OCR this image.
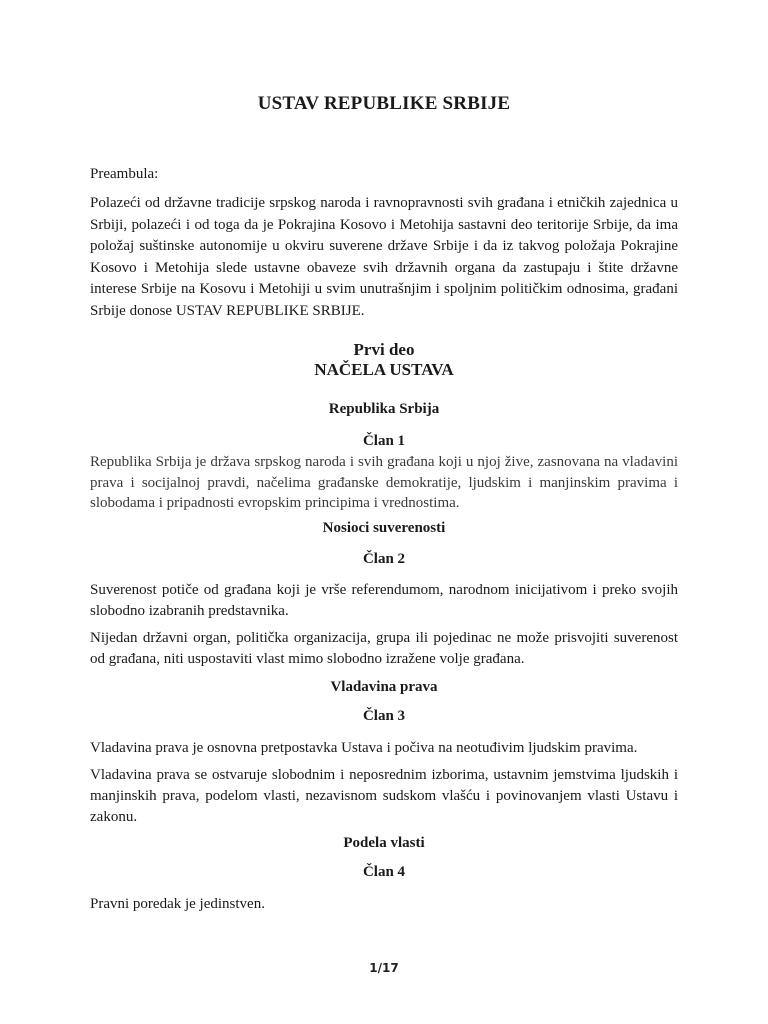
USTAV REPUBLIKE SRBIJE

Preambula:

Polazeći od državne tradicije srpskog naroda i ravnopravnosti svih građana i etničkih zajednica u Srbiji, polazeći i od toga da je Pokrajina Kosovo i Metohija sastavni deo teritorije Srbije, da ima položaj suštinske autonomije u okviru suverene države Srbije i da iz takvog položaja Pokrajine Kosovo i Metohija slede ustavne obaveze svih državnih organa da zastupaju i štite državne interese Srbije na Kosovu i Metohiji u svim unutrašnjim i spoljnim političkim odnosima, građani Srbije donose USTAV REPUBLIKE SRBIJE.

Prvi deo
NAČELA USTAVA
Republika Srbija
Član 1

Republika Srbija je država srpskog naroda i svih građana koji u njoj žive, zasnovana na vladavini prava i socijalnoj pravdi, načelima građanske demokratije, ljudskim i manjinskim pravima i slobodama i pripadnosti evropskim principima i vrednostima.

Nosioci suverenosti
Član 2

Suverenost potiče od građana koji je vrše referendumom, narodnom inicijativom i preko svojih slobodno izabranih predstavnika.

Nijedan državni organ, politička organizacija, grupa ili pojedinac ne može prisvojiti suverenost od građana, niti uspostaviti vlast mimo slobodno izražene volje građana.

Vladavina prava
Član 3

Vladavina prava je osnovna pretpostavka Ustava i počiva na neotuđivim ljudskim pravima.

Vladavina prava se ostvaruje slobodnim i neposrednim izborima, ustavnim jemstvima ljudskih i manjinskih prava, podelom vlasti, nezavisnom sudskom vlašću i povinovanjem vlasti Ustavu i zakonu.

Podela vlasti
Član 4

Pravni poredak je jedinstven.

1/17
